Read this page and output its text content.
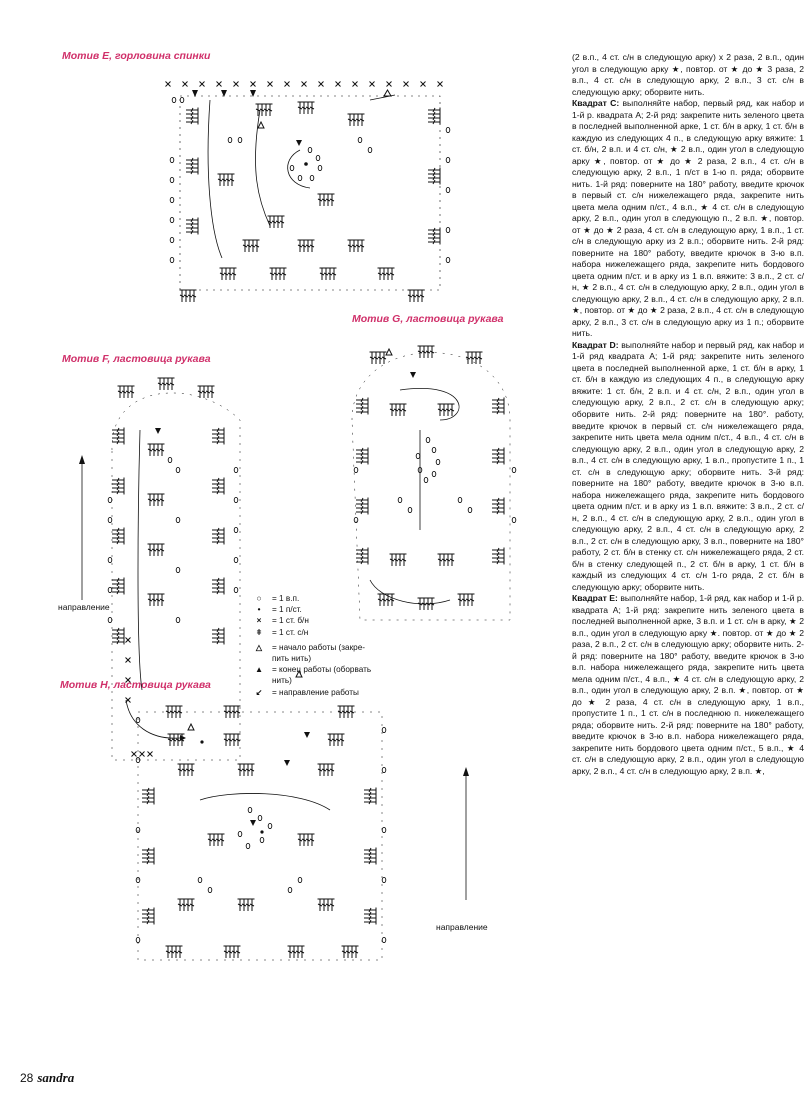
Мотив E, горловина спинки
Мотив F, ластовица рукава
Мотив G, ластовица рукава
Мотив H, ластовица рукава
направление
направление
○	= 1 в.п.
•	= 1 п/ст.
×	= 1 ст. б/н
ǂ	= 1 ст. с/н
△	= начало работы (закре-
пить нить)
▲	= конец работы (оборвать
нить)
↙	= направление работы

(2 в.п., 4 ст. с/н в следующую арку) х 2 раза, 2 в.п., один угол в следующую арку ★, повтор. от ★ до ★ 3 раза, 2 в.п., 4 ст. с/н в следующую арку, 2 в.п., 3 ст. с/н в следующую арку; оборвите нить.

Квадрат C: выполняйте набор, первый ряд, как набор и 1-й р. квадрата A; 2-й ряд: закрепите нить зеленого цвета в последней выполненной арке, 1 ст. б/н в арку, 1 ст. б/н в каждую из следующих 4 п., в следующую арку вяжите: 1 ст. б/н, 2 в.п. и 4 ст. с/н, ★ 2 в.п., один угол в следующую арку ★, повтор. от ★ до ★ 2 раза, 2 в.п., 4 ст. с/н в следующую арку, 2 в.п., 1 п/ст в 1-ю п. ряда; оборвите нить. 1-й ряд: поверните на 180° работу, введите крючок в первый ст. с/н нижележащего ряда, закрепите нить цвета мела одним п/ст., 4 в.п., ★ 4 ст. с/н в следующую арку, 2 в.п., один угол в следующую п., 2 в.п. ★, повтор. от ★ до ★ 2 раза, 4 ст. с/н в следующую арку, 1 в.п., 1 ст. с/н в следующую арку из 2 в.п.; оборвите нить. 2-й ряд: поверните на 180° работу, введите крючок в 3-ю в.п. набора нижележащего ряда, закрепите нить бордового цвета одним п/ст. и в арку из 1 в.п. вяжите: 3 в.п., 2 ст. с/н, ★ 2 в.п., 4 ст. с/н в следующую арку, 2 в.п., один угол в следующую арку, 2 в.п., 4 ст. с/н в следующую арку, 2 в.п. ★, повтор. от ★ до ★ 2 раза, 2 в.п., 4 ст. с/н в следующую арку, 2 в.п., 3 ст. с/н в следующую арку из 1 п.; оборвите нить.

Квадрат D: выполняйте набор и первый ряд, как набор и 1-й ряд квадрата A; 1-й ряд: закрепите нить зеленого цвета в последней выполненной арке, 1 ст. б/н в арку, 1 ст. б/н в каждую из следующих 4 п., в следующую арку вяжите: 1 ст. б/н, 2 в.п. и 4 ст. с/н, 2 в.п., один угол в следующую арку, 2 в.п., 2 ст. с/н в следующую арку; оборвите нить. 2-й ряд: поверните на 180°. работу, введите крючок в первый ст. с/н нижележащего ряда, закрепите нить цвета мела одним п/ст., 4 в.п., 4 ст. с/н в следующую арку, 2 в.п., один угол в следующую арку, 2 в.п., 4 ст. с/н в следующую арку, 1 в.п., пропустите 1 п., 1 ст. с/н в следующую арку; оборвите нить. 3-й ряд: поверните на 180° работу, введите крючок в 3-ю в.п. набора нижележащего ряда, закрепите нить бордового цвета одним п/ст. и в арку из 1 в.п. вяжите: 3 в.п., 2 ст. с/н, 2 в.п., 4 ст. с/н в следующую арку, 2 в.п., один угол в следующую арку, 2 в.п., 4 ст. с/н в следующую арку, 2 в.п., 2 ст. с/н в следующую арку, 3 в.п., поверните на 180° работу, 2 ст. б/н в стенку ст. с/н нижележащего ряда, 2 ст. б/н в стенку следующей п., 2 ст. б/н в арку, 1 ст. б/н в каждый из следующих 4 ст. с/н 1-го ряда, 2 ст. б/н в следующую арку; оборвите нить.

Квадрат E: выполняйте набор, 1-й ряд, как набор и 1-й р. квадрата A; 1-й ряд: закрепите нить зеленого цвета в последней выполненной арке, 3 в.п. и 1 ст. с/н в арку, ★ 2 в.п., один угол в следующую арку ★. повтор. от ★ до ★ 2 раза, 2 в.п., 2 ст. с/н в следующую арку; оборвите нить. 2-й ряд: поверните на 180° работу, введите крючок в 3-ю в.п. набора нижележащего ряда, закрепите нить цвета мела одним п/ст., 4 в.п., ★ 4 ст. с/н в следующую арку, 2 в.п., один угол в следующую арку, 2 в.п. ★, повтор. от ★ до ★ 2 раза, 4 ст. с/н в следующую арку, 1 в.п., пропустите 1 п., 1 ст. с/н в последнюю п. нижележащего ряда; оборвите нить. 2-й ряд: поверните на 180° работу, введите крючок в 3-ю в.п. набора нижележащего ряда, закрепите нить бордового цвета одним п/ст., 5 в.п., ★ 4 ст. с/н в следующую арку, 2 в.п., один угол в следующую арку, 2 в.п., 4 ст. с/н в следующую арку, 2 в.п. ★,

28 sandra
